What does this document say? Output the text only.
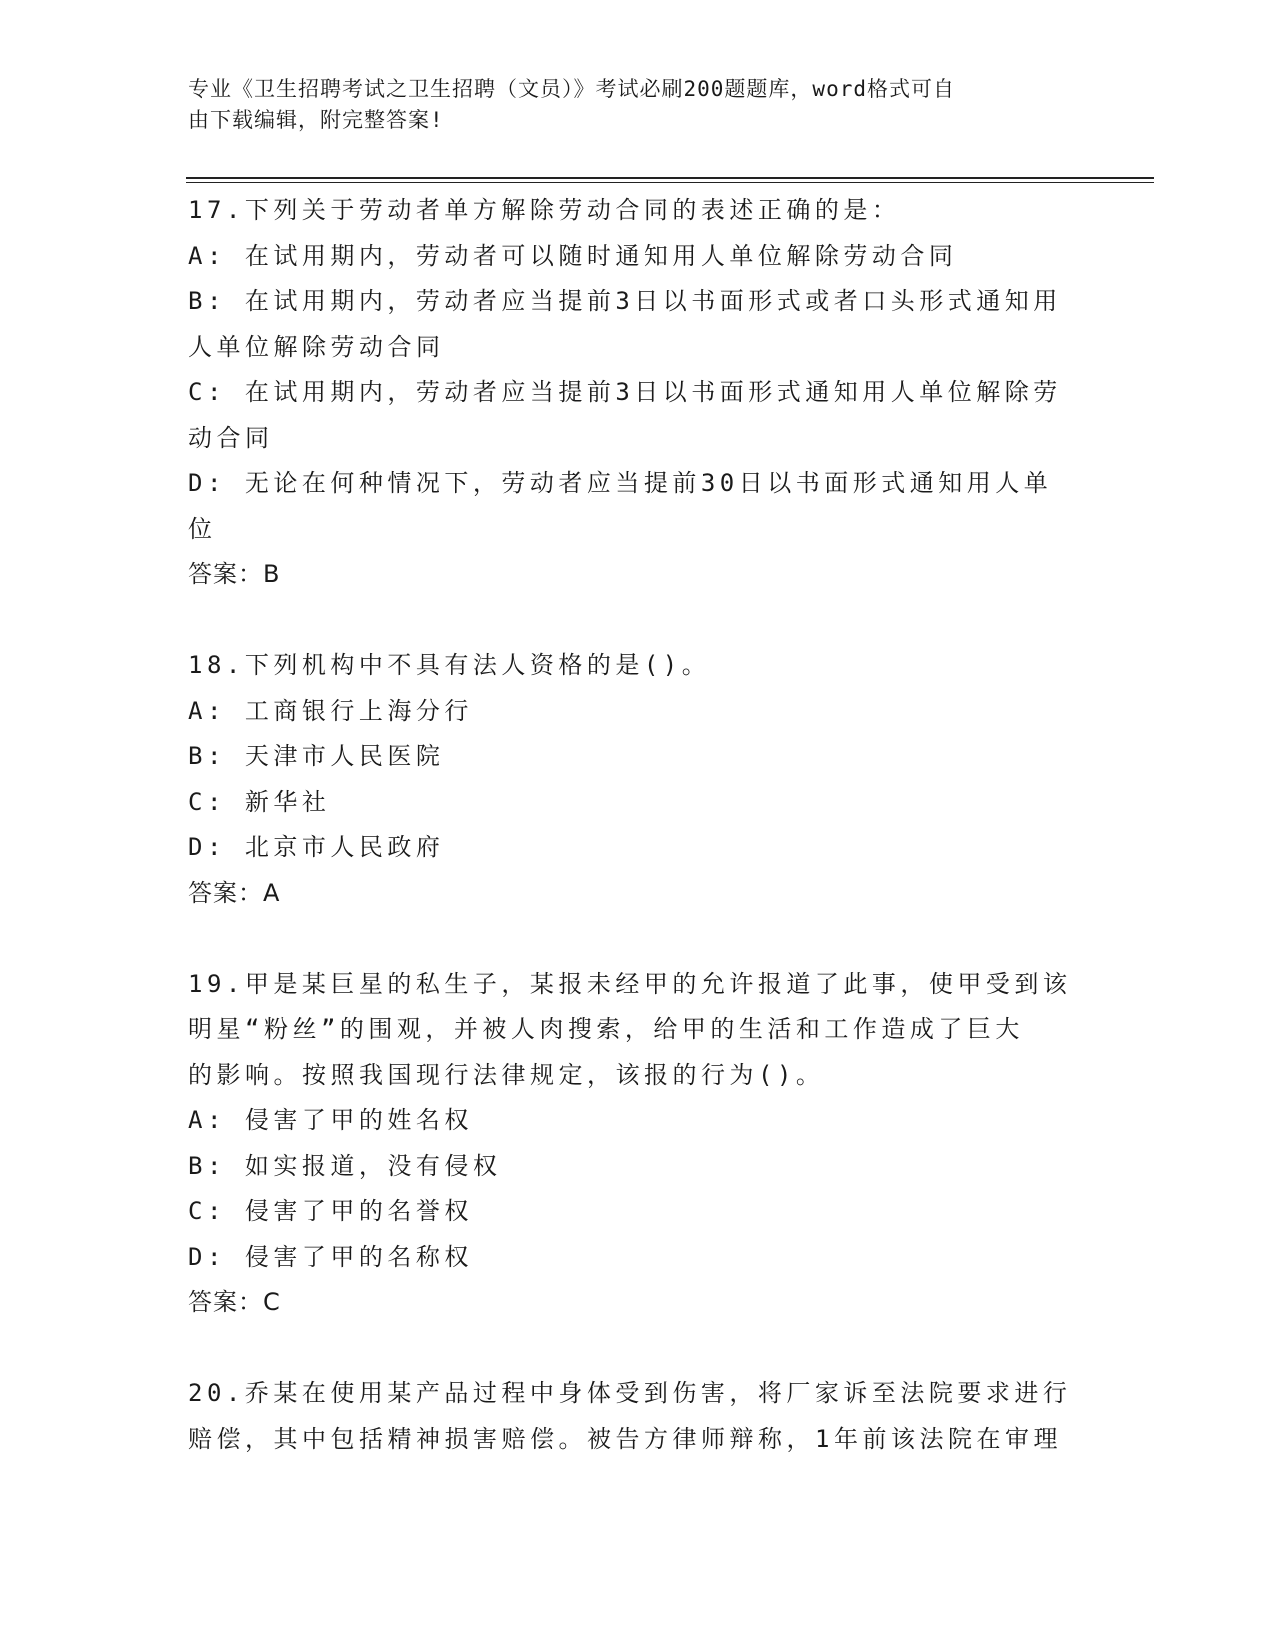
专业《卫生招聘考试之卫生招聘（文员）》考试必刷200题题库，word格式可自
由下载编辑，附完整答案!
17.下列关于劳动者单方解除劳动合同的表述正确的是：
A: 在试用期内，劳动者可以随时通知用人单位解除劳动合同
B: 在试用期内，劳动者应当提前3日以书面形式或者口头形式通知用
人单位解除劳动合同
C: 在试用期内，劳动者应当提前3日以书面形式通知用人单位解除劳
动合同
D: 无论在何种情况下，劳动者应当提前30日以书面形式通知用人单
位
答案：B
18.下列机构中不具有法人资格的是()。
A: 工商银行上海分行
B: 天津市人民医院
C: 新华社
D: 北京市人民政府
答案：A
19.甲是某巨星的私生子，某报未经甲的允许报道了此事，使甲受到该
明星“粉丝”的围观，并被人肉搜索，给甲的生活和工作造成了巨大
的影响。按照我国现行法律规定，该报的行为()。
A: 侵害了甲的姓名权
B: 如实报道，没有侵权
C: 侵害了甲的名誉权
D: 侵害了甲的名称权
答案：C
20.乔某在使用某产品过程中身体受到伤害，将厂家诉至法院要求进行
赔偿，其中包括精神损害赔偿。被告方律师辩称，1年前该法院在审理
